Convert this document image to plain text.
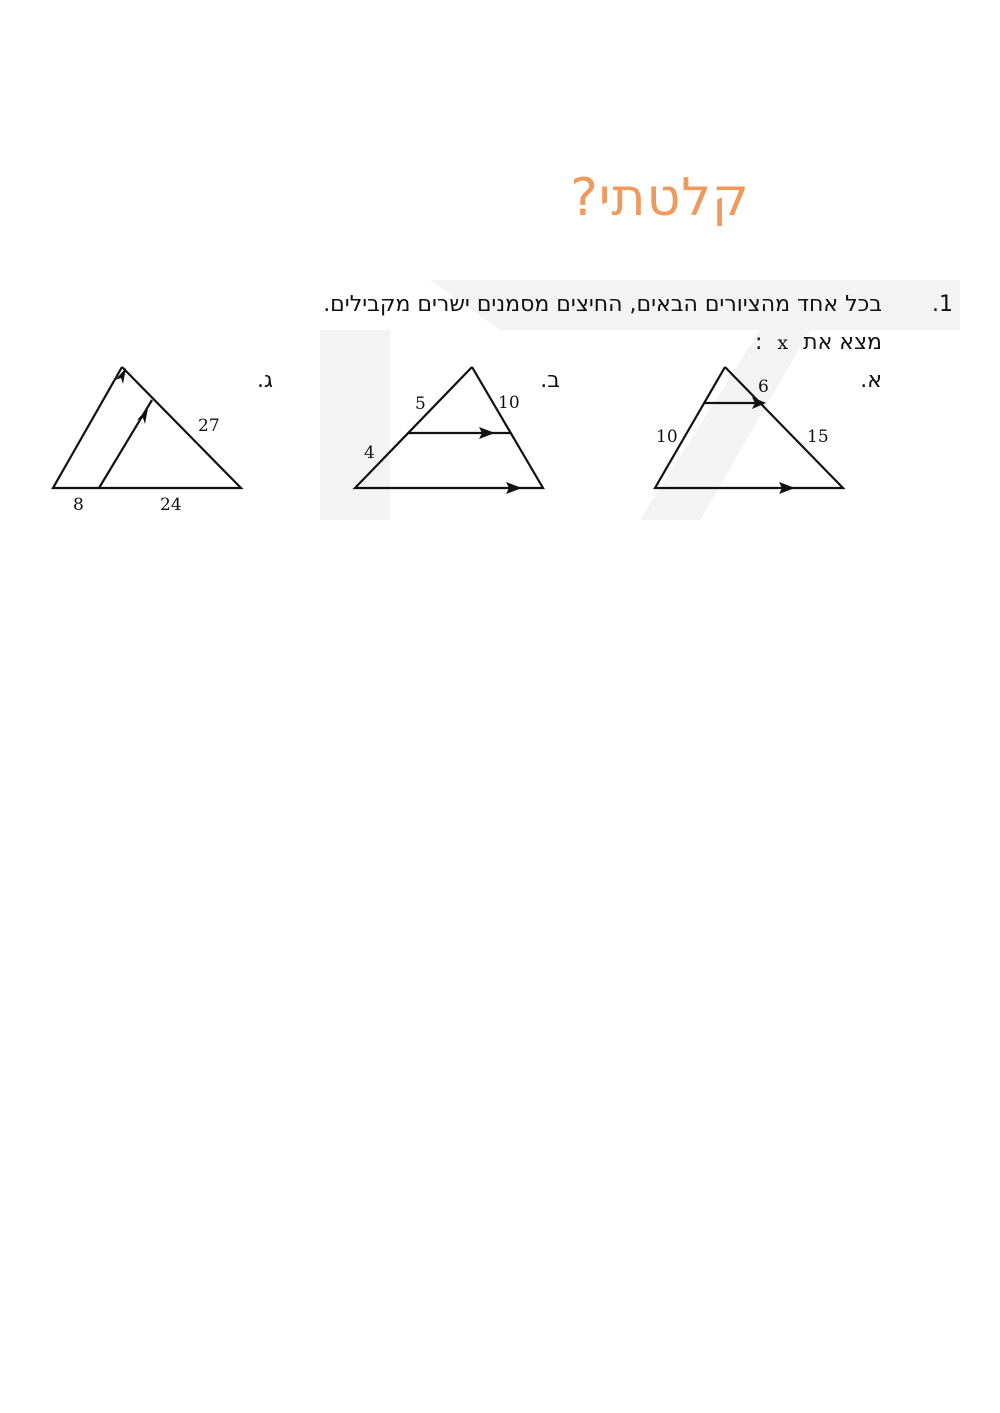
קלטתי?
.1
בכל אחד מהציורים הבאים, החיצים מסמנים ישרים מקבילים.
מצא את x :
א.
ב.
ג.	6
10	15
5	10
4
27
8	24
